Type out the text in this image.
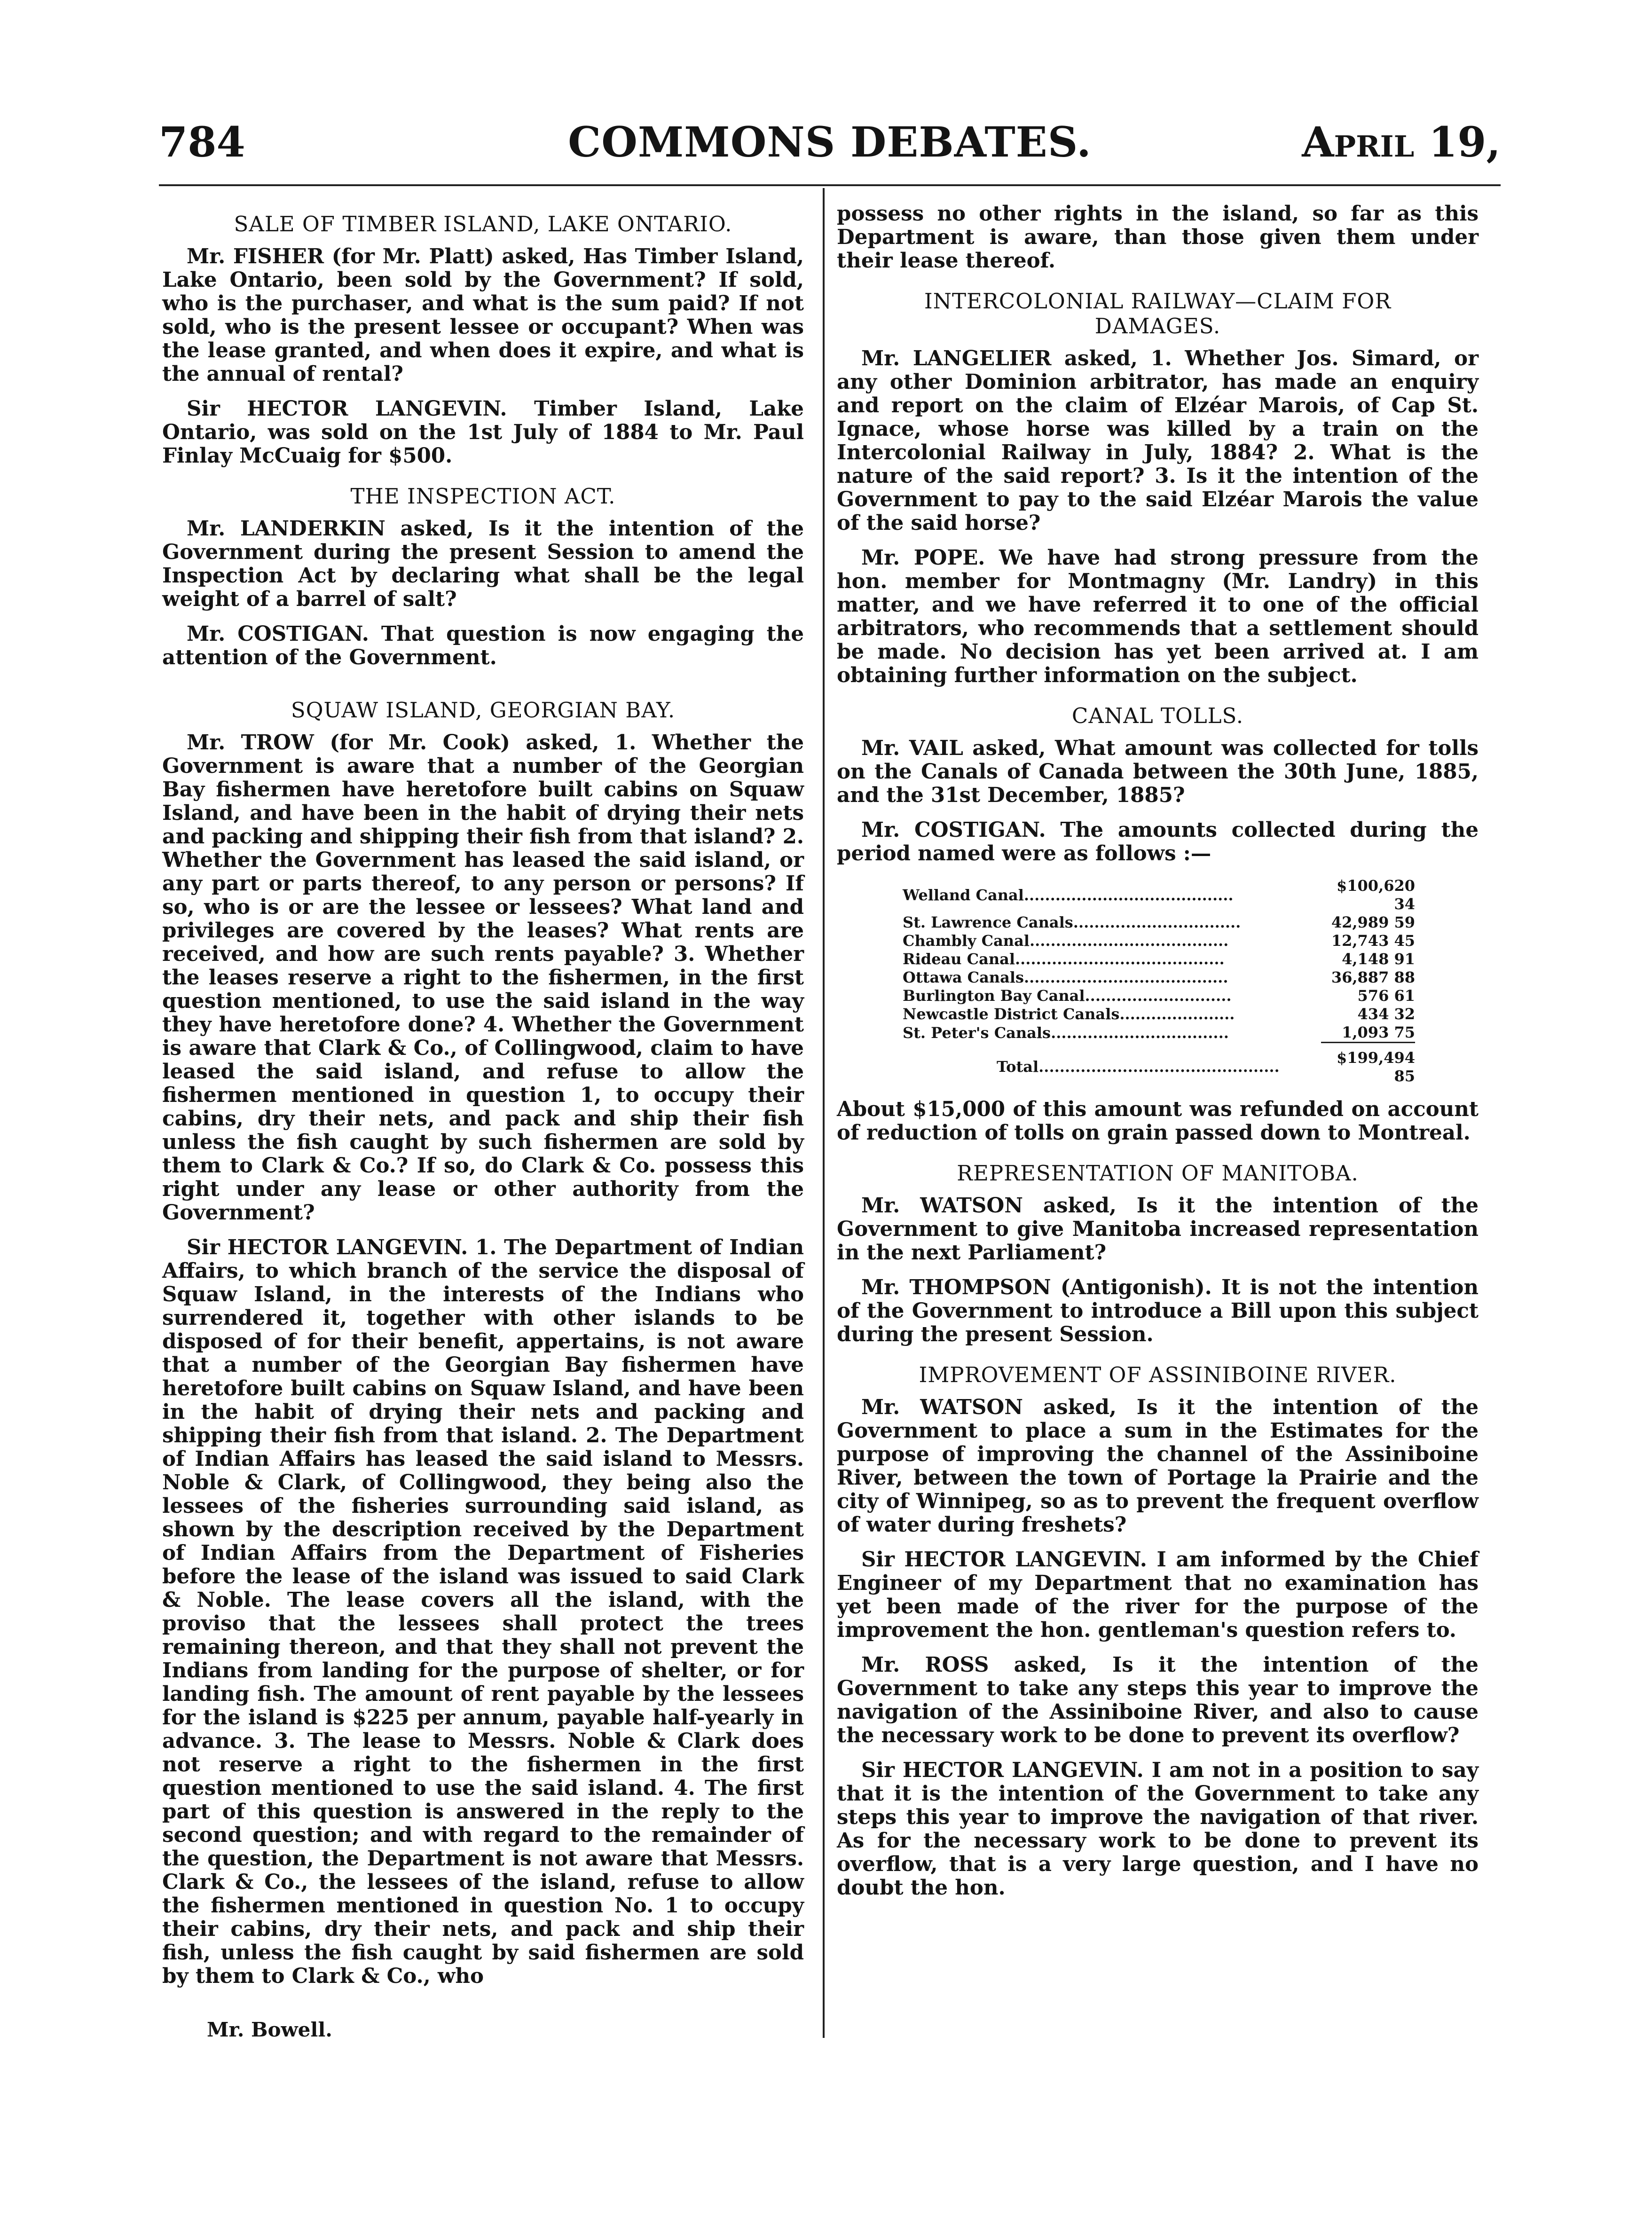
784	COMMONS DEBATES.	April 19,
SALE OF TIMBER ISLAND, LAKE ONTARIO.

Mr. FISHER (for Mr. Platt) asked, Has Timber Island, Lake Ontario, been sold by the Government? If sold, who is the purchaser, and what is the sum paid? If not sold, who is the present lessee or occupant? When was the lease granted, and when does it expire, and what is the annual of rental?

Sir HECTOR LANGEVIN. Timber Island, Lake Ontario, was sold on the 1st July of 1884 to Mr. Paul Finlay McCuaig for $500.

THE INSPECTION ACT.

Mr. LANDERKIN asked, Is it the intention of the Government during the present Session to amend the Inspection Act by declaring what shall be the legal weight of a barrel of salt?

Mr. COSTIGAN. That question is now engaging the attention of the Government.

SQUAW ISLAND, GEORGIAN BAY.

Mr. TROW (for Mr. Cook) asked, 1. Whether the Government is aware that a number of the Georgian Bay fishermen have heretofore built cabins on Squaw Island, and have been in the habit of drying their nets and packing and shipping their fish from that island? 2. Whether the Government has leased the said island, or any part or parts thereof, to any person or persons? If so, who is or are the lessee or lessees? What land and privileges are covered by the leases? What rents are received, and how are such rents payable? 3. Whether the leases reserve a right to the fishermen, in the first question mentioned, to use the said island in the way they have heretofore done? 4. Whether the Government is aware that Clark & Co., of Collingwood, claim to have leased the said island, and refuse to allow the fishermen mentioned in question 1, to occupy their cabins, dry their nets, and pack and ship their fish unless the fish caught by such fishermen are sold by them to Clark & Co.? If so, do Clark & Co. possess this right under any lease or other authority from the Government?

Sir HECTOR LANGEVIN. 1. The Department of Indian Affairs, to which branch of the service the disposal of Squaw Island, in the interests of the Indians who surrendered it, together with other islands to be disposed of for their benefit, appertains, is not aware that a number of the Georgian Bay fishermen have heretofore built cabins on Squaw Island, and have been in the habit of drying their nets and packing and shipping their fish from that island. 2. The Department of Indian Affairs has leased the said island to Messrs. Noble & Clark, of Collingwood, they being also the lessees of the fisheries surrounding said island, as shown by the description received by the Department of Indian Affairs from the Department of Fisheries before the lease of the island was issued to said Clark & Noble. The lease covers all the island, with the proviso that the lessees shall protect the trees remaining thereon, and that they shall not prevent the Indians from landing for the purpose of shelter, or for landing fish. The amount of rent payable by the lessees for the island is $225 per annum, payable half-yearly in advance. 3. The lease to Messrs. Noble & Clark does not reserve a right to the fishermen in the first question mentioned to use the said island. 4. The first part of this question is answered in the reply to the second question; and with regard to the remainder of the question, the Department is not aware that Messrs. Clark & Co., the lessees of the island, refuse to allow the fishermen mentioned in question No. 1 to occupy their cabins, dry their nets, and pack and ship their fish, unless the fish caught by said fishermen are sold by them to Clark & Co., who

Mr. Bowell.

possess no other rights in the island, so far as this Department is aware, than those given them under their lease thereof.

INTERCOLONIAL RAILWAY—CLAIM FOR
DAMAGES.

Mr. LANGELIER asked, 1. Whether Jos. Simard, or any other Dominion arbitrator, has made an enquiry and report on the claim of Elzéar Marois, of Cap St. Ignace, whose horse was killed by a train on the Intercolonial Railway in July, 1884? 2. What is the nature of the said report? 3. Is it the intention of the Government to pay to the said Elzéar Marois the value of the said horse?

Mr. POPE. We have had strong pressure from the hon. member for Montmagny (Mr. Landry) in this matter, and we have referred it to one of the official arbitrators, who recommends that a settlement should be made. No decision has yet been arrived at. I am obtaining further information on the subject.

CANAL TOLLS.

Mr. VAIL asked, What amount was collected for tolls on the Canals of Canada between the 30th June, 1885, and the 31st December, 1885?

Mr. COSTIGAN. The amounts collected during the period named were as follows :—

Welland Canal........................................	$100,620 34
St. Lawrence Canals................................	42,989 59
Chambly Canal......................................	12,743 45
Rideau Canal........................................	4,148 91
Ottawa Canals.......................................	36,887 88
Burlington Bay Canal............................	576 61
Newcastle District Canals......................	434 32
St. Peter's Canals..................................	1,093 75
Total..............................................	$199,494 85

About $15,000 of this amount was refunded on account of reduction of tolls on grain passed down to Montreal.

REPRESENTATION OF MANITOBA.

Mr. WATSON asked, Is it the intention of the Government to give Manitoba increased representation in the next Parliament?

Mr. THOMPSON (Antigonish). It is not the intention of the Government to introduce a Bill upon this subject during the present Session.

IMPROVEMENT OF ASSINIBOINE RIVER.

Mr. WATSON asked, Is it the intention of the Government to place a sum in the Estimates for the purpose of improving the channel of the Assiniboine River, between the town of Portage la Prairie and the city of Winnipeg, so as to prevent the frequent overflow of water during freshets?

Sir HECTOR LANGEVIN. I am informed by the Chief Engineer of my Department that no examination has yet been made of the river for the purpose of the improvement the hon. gentleman's question refers to.

Mr. ROSS asked, Is it the intention of the Government to take any steps this year to improve the navigation of the Assiniboine River, and also to cause the necessary work to be done to prevent its overflow?

Sir HECTOR LANGEVIN. I am not in a position to say that it is the intention of the Government to take any steps this year to improve the navigation of that river. As for the necessary work to be done to prevent its overflow, that is a very large question, and I have no doubt the hon.
